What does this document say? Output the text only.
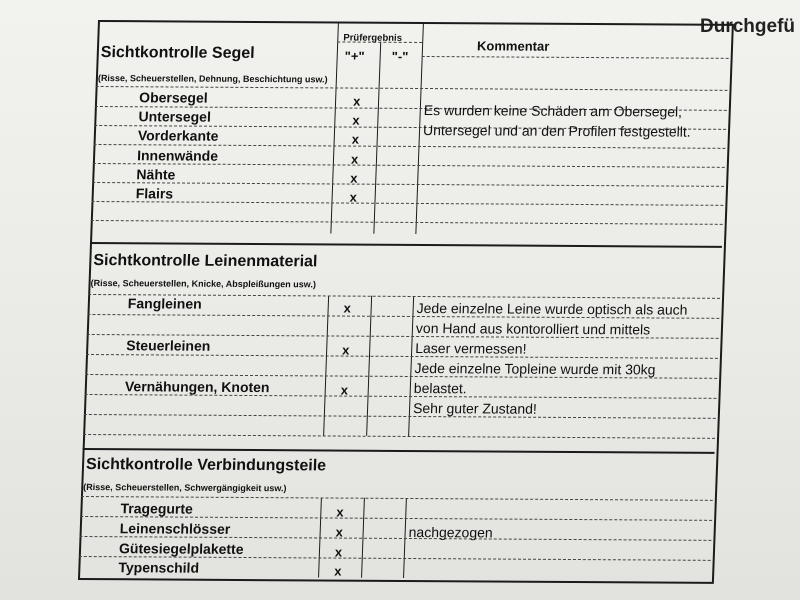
Durchgefü
Prüfergebnis
Kommentar
"+" "-"
Sichtkontrolle Segel
(Risse, Scheuerstellen, Dehnung, Beschichtung usw.)
Obersegel
Untersegel
Vorderkante
Innenwände
Nähte
Flairs
x
x
x
x
x
x
Es wurden keine Schäden am Obersegel,
Untersegel und an den Profilen festgestellt.
Sichtkontrolle Leinenmaterial
(Risse, Scheuerstellen, Knicke, Abspleißungen usw.)
Fangleinen
Steuerleinen
Vernähungen, Knoten
x
x
x
Jede einzelne Leine wurde optisch als auch
von Hand aus kontorolliert und mittels
Laser vermessen!
Jede einzelne Topleine wurde mit 30kg
belastet.
Sehr guter Zustand!
Sichtkontrolle Verbindungsteile
(Risse, Scheuerstellen, Schwergängigkeit usw.)
Tragegurte
Leinenschlösser
Gütesiegelplakette
Typenschild
x
x
x
x
nachgezogen
